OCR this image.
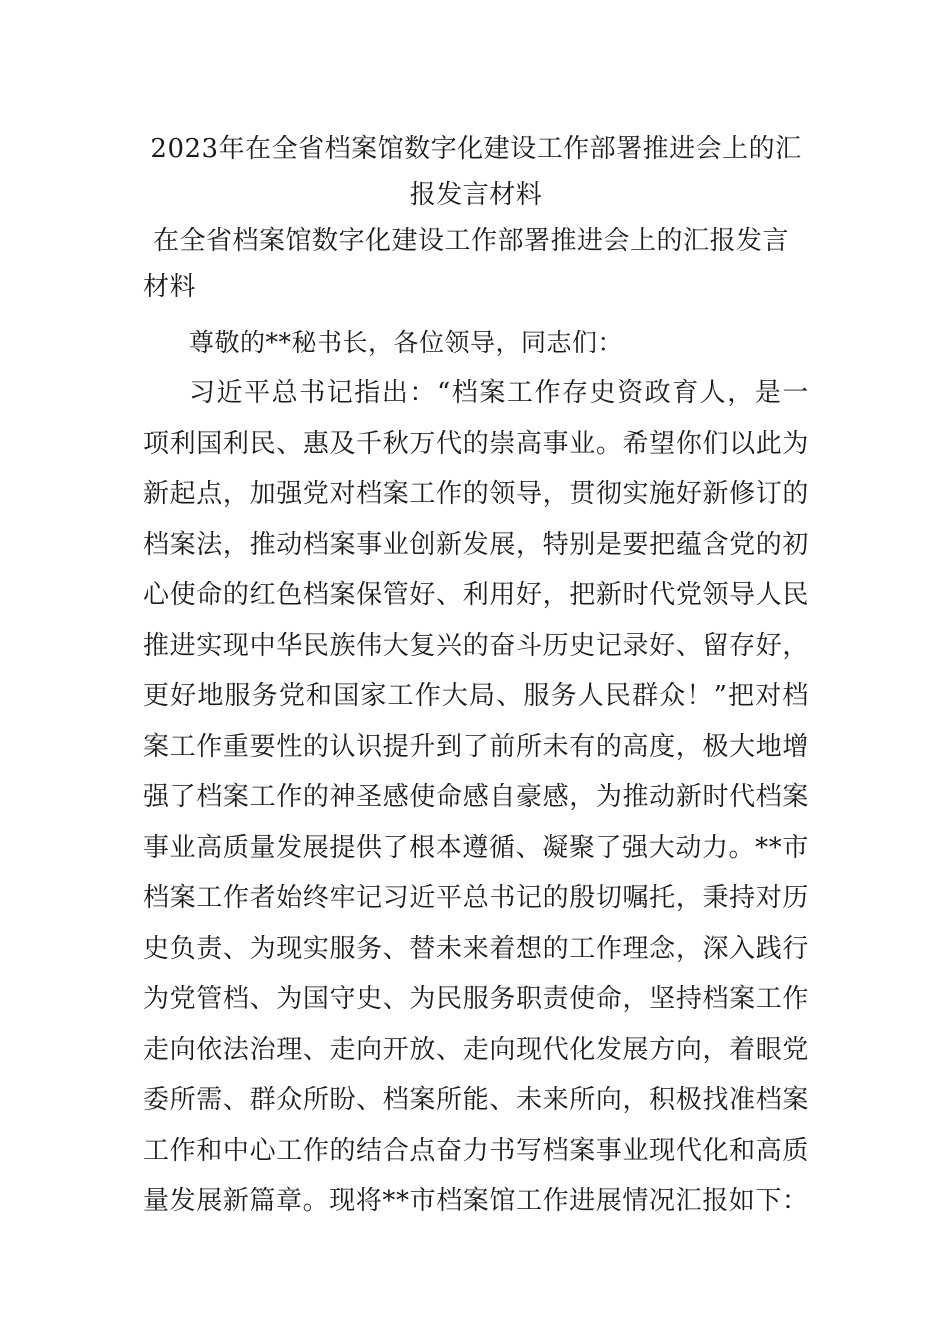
2023年在全省档案馆数字化建设工作部署推进会上的汇报发言材料

在全省档案馆数字化建设工作部署推进会上的汇报发言材料

尊敬的**秘书长，各位领导，同志们：

习近平总书记指出：“档案工作存史资政育人，是一项利国利民、惠及千秋万代的崇高事业。希望你们以此为新起点，加强党对档案工作的领导，贯彻实施好新修订的档案法，推动档案事业创新发展，特别是要把蕴含党的初心使命的红色档案保管好、利用好，把新时代党领导人民推进实现中华民族伟大复兴的奋斗历史记录好、留存好，更好地服务党和国家工作大局、服务人民群众！”把对档案工作重要性的认识提升到了前所未有的高度，极大地增强了档案工作的神圣感使命感自豪感，为推动新时代档案事业高质量发展提供了根本遵循、凝聚了强大动力。**市档案工作者始终牢记习近平总书记的殷切嘱托，秉持对历史负责、为现实服务、替未来着想的工作理念，深入践行为党管档、为国守史、为民服务职责使命，坚持档案工作走向依法治理、走向开放、走向现代化发展方向，着眼党委所需、群众所盼、档案所能、未来所向，积极找准档案工作和中心工作的结合点奋力书写档案事业现代化和高质量发展新篇章。现将**市档案馆工作进展情况汇报如下：
